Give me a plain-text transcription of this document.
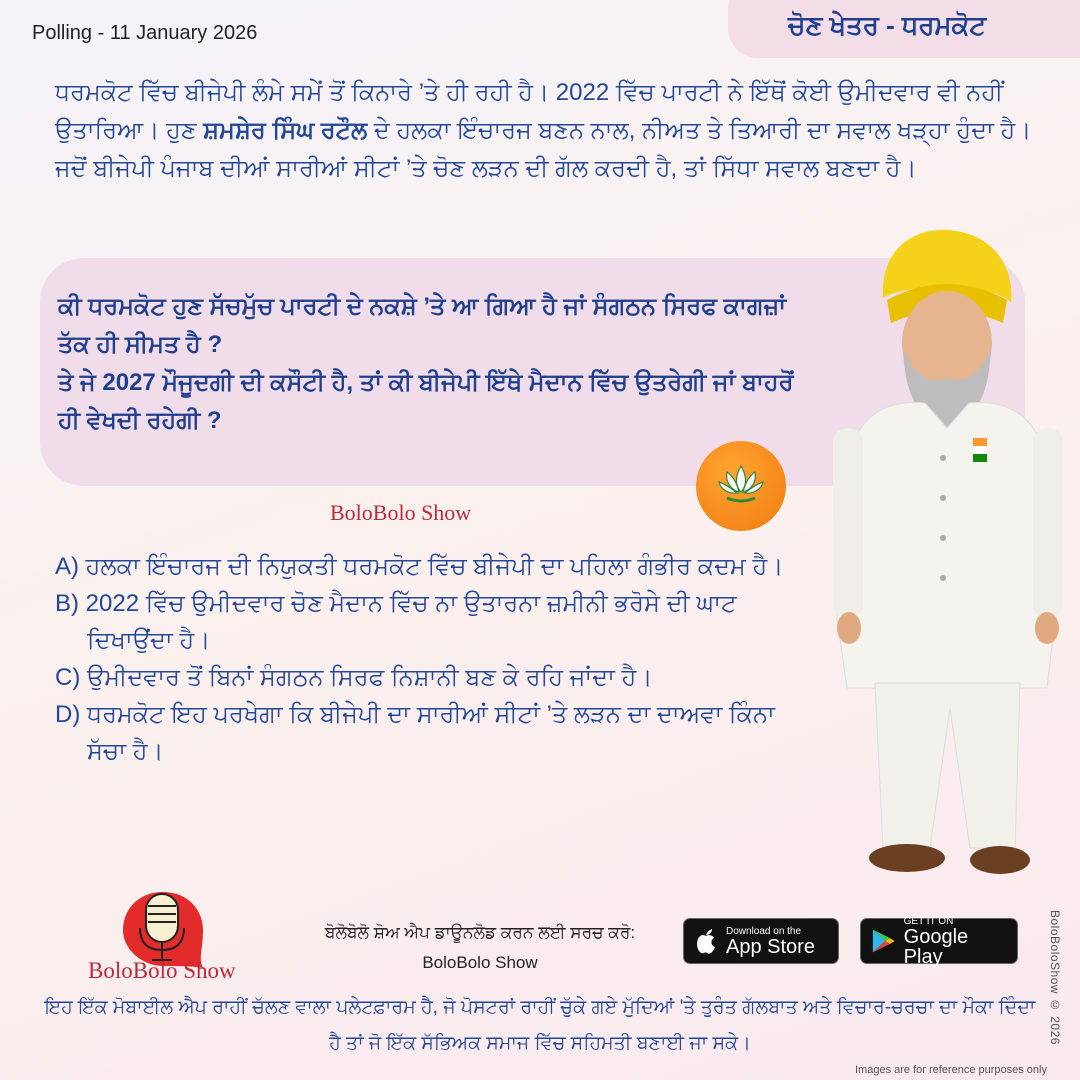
Polling - 11 January 2026	ਚੋਣ ਖੇਤਰ - ਧਰਮਕੋਟ
ਧਰਮਕੋਟ ਵਿੱਚ ਬੀਜੇਪੀ ਲੰਮੇ ਸਮੇਂ ਤੋਂ ਕਿਨਾਰੇ ’ਤੇ ਹੀ ਰਹੀ ਹੈ। 2022 ਵਿੱਚ ਪਾਰਟੀ ਨੇ ਇੱਥੋਂ ਕੋਈ ਉਮੀਦਵਾਰ ਵੀ ਨਹੀਂ ਉਤਾਰਿਆ। ਹੁਣ ਸ਼ਮਸ਼ੇਰ ਸਿੰਘ ਰਟੌਲ ਦੇ ਹਲਕਾ ਇੰਚਾਰਜ ਬਣਨ ਨਾਲ, ਨੀਅਤ ਤੇ ਤਿਆਰੀ ਦਾ ਸਵਾਲ ਖੜ੍ਹਾ ਹੁੰਦਾ ਹੈ। ਜਦੋਂ ਬੀਜੇਪੀ ਪੰਜਾਬ ਦੀਆਂ ਸਾਰੀਆਂ ਸੀਟਾਂ ’ਤੇ ਚੋਣ ਲੜਨ ਦੀ ਗੱਲ ਕਰਦੀ ਹੈ, ਤਾਂ ਸਿੱਧਾ ਸਵਾਲ ਬਣਦਾ ਹੈ।
ਕੀ ਧਰਮਕੋਟ ਹੁਣ ਸੱਚਮੁੱਚ ਪਾਰਟੀ ਦੇ ਨਕਸ਼ੇ ’ਤੇ ਆ ਗਿਆ ਹੈ ਜਾਂ ਸੰਗਠਨ ਸਿਰਫ ਕਾਗਜ਼ਾਂ ਤੱਕ ਹੀ ਸੀਮਤ ਹੈ ?
ਤੇ ਜੇ 2027 ਮੌਜੂਦਗੀ ਦੀ ਕਸੌਟੀ ਹੈ, ਤਾਂ ਕੀ ਬੀਜੇਪੀ ਇੱਥੇ ਮੈਦਾਨ ਵਿੱਚ ਉਤਰੇਗੀ ਜਾਂ ਬਾਹਰੋਂ ਹੀ ਵੇਖਦੀ ਰਹੇਗੀ ?
BoloBolo Show
A) ਹਲਕਾ ਇੰਚਾਰਜ ਦੀ ਨਿਯੁਕਤੀ ਧਰਮਕੋਟ ਵਿੱਚ ਬੀਜੇਪੀ ਦਾ ਪਹਿਲਾ ਗੰਭੀਰ ਕਦਮ ਹੈ।
B) 2022 ਵਿੱਚ ਉਮੀਦਵਾਰ ਚੋਣ ਮੈਦਾਨ ਵਿੱਚ ਨਾ ਉਤਾਰਨਾ ਜ਼ਮੀਨੀ ਭਰੋਸੇ ਦੀ ਘਾਟ ਦਿਖਾਉਂਦਾ ਹੈ।
C) ਉਮੀਦਵਾਰ ਤੋਂ ਬਿਨਾਂ ਸੰਗਠਨ ਸਿਰਫ ਨਿਸ਼ਾਨੀ ਬਣ ਕੇ ਰਹਿ ਜਾਂਦਾ ਹੈ।
D) ਧਰਮਕੋਟ ਇਹ ਪਰਖੇਗਾ ਕਿ ਬੀਜੇਪੀ ਦਾ ਸਾਰੀਆਂ ਸੀਟਾਂ ’ਤੇ ਲੜਨ ਦਾ ਦਾਅਵਾ ਕਿੰਨਾ ਸੱਚਾ ਹੈ।
BoloBolo Show
ਬੋਲੋਬੋਲੋ ਸ਼ੋਅ ਐਪ ਡਾਊਨਲੋਡ ਕਰਨ ਲਈ ਸਰਚ ਕਰੋ:
BoloBolo Show
Download on the
App Store
GET IT ON
Google Play
ਇਹ ਇੱਕ ਮੋਬਾਈਲ ਐਪ ਰਾਹੀਂ ਚੱਲਣ ਵਾਲਾ ਪਲੇਟਫ਼ਾਰਮ ਹੈ, ਜੋ ਪੋਸਟਰਾਂ ਰਾਹੀਂ ਚੁੱਕੇ ਗਏ ਮੁੱਦਿਆਂ 'ਤੇ ਤੁਰੰਤ ਗੱਲਬਾਤ ਅਤੇ ਵਿਚਾਰ-ਚਰਚਾ ਦਾ ਮੌਕਾ ਦਿੰਦਾ ਹੈ ਤਾਂ ਜੋ ਇੱਕ ਸੱਭਿਅਕ ਸਮਾਜ ਵਿੱਚ ਸਹਿਮਤੀ ਬਣਾਈ ਜਾ ਸਕੇ।
Images are for reference purposes only
BoloBoloShow © 2026
